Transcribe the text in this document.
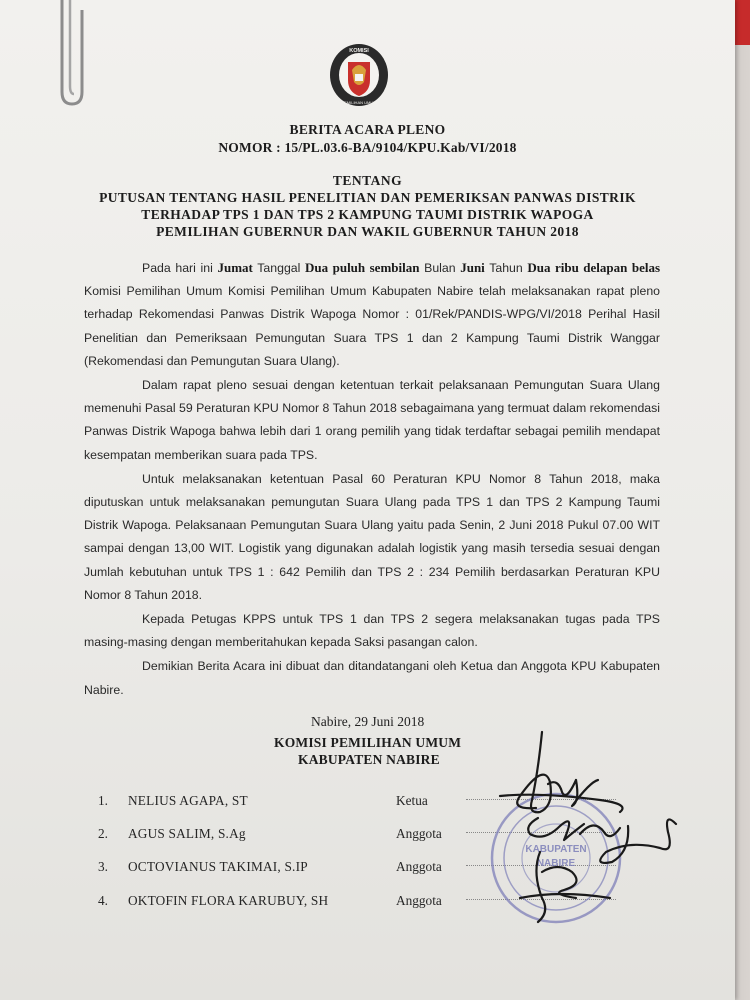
KOMISI
PEMILIHAN UMUM
BERITA ACARA PLENO
NOMOR : 15/PL.03.6-BA/9104/KPU.Kab/VI/2018
TENTANG
PUTUSAN TENTANG HASIL PENELITIAN DAN PEMERIKSAN PANWAS DISTRIK
TERHADAP TPS 1 DAN TPS 2 KAMPUNG TAUMI DISTRIK WAPOGA
PEMILIHAN GUBERNUR DAN WAKIL GUBERNUR TAHUN 2018

Pada hari ini Jumat Tanggal Dua puluh sembilan Bulan Juni Tahun Dua ribu delapan belas Komisi Pemilihan Umum Komisi Pemilihan Umum Kabupaten Nabire telah melaksanakan rapat pleno terhadap Rekomendasi Panwas Distrik Wapoga Nomor : 01/Rek/PANDIS-WPG/VI/2018 Perihal Hasil Penelitian dan Pemeriksaan Pemungutan Suara TPS 1 dan 2 Kampung Taumi Distrik Wanggar (Rekomendasi dan Pemungutan Suara Ulang).

Dalam rapat pleno sesuai dengan ketentuan terkait pelaksanaan Pemungutan Suara Ulang memenuhi Pasal 59 Peraturan KPU Nomor 8 Tahun 2018 sebagaimana yang termuat dalam rekomendasi Panwas Distrik Wapoga bahwa lebih dari 1 orang pemilih yang tidak terdaftar sebagai pemilih mendapat kesempatan memberikan suara pada TPS.

Untuk melaksanakan ketentuan Pasal 60 Peraturan KPU Nomor 8 Tahun 2018, maka diputuskan untuk melaksanakan pemungutan Suara Ulang pada TPS 1 dan TPS 2 Kampung Taumi Distrik Wapoga. Pelaksanaan Pemungutan Suara Ulang yaitu pada Senin, 2 Juni 2018 Pukul 07.00 WIT sampai dengan 13,00 WIT. Logistik yang digunakan adalah logistik yang masih tersedia sesuai dengan Jumlah kebutuhan untuk TPS 1 : 642 Pemilih dan TPS 2 : 234 Pemilih berdasarkan Peraturan KPU Nomor 8 Tahun 2018.

Kepada Petugas KPPS untuk TPS 1 dan TPS 2 segera melaksanakan tugas pada TPS masing-masing dengan memberitahukan kepada Saksi pasangan calon.

Demikian Berita Acara ini dibuat dan ditandatangani oleh Ketua dan Anggota KPU Kabupaten Nabire.

Nabire, 29 Juni 2018
KOMISI PEMILIHAN UMUM
KABUPATEN NABIRE
1. NELIUS AGAPA, ST	Ketua
2. AGUS SALIM, S.Ag	Anggota
3. OCTOVIANUS TAKIMAI, S.IP	Anggota
4. OKTOFIN FLORA KARUBUY, SH	Anggota
KABUPATEN
NABIRE
